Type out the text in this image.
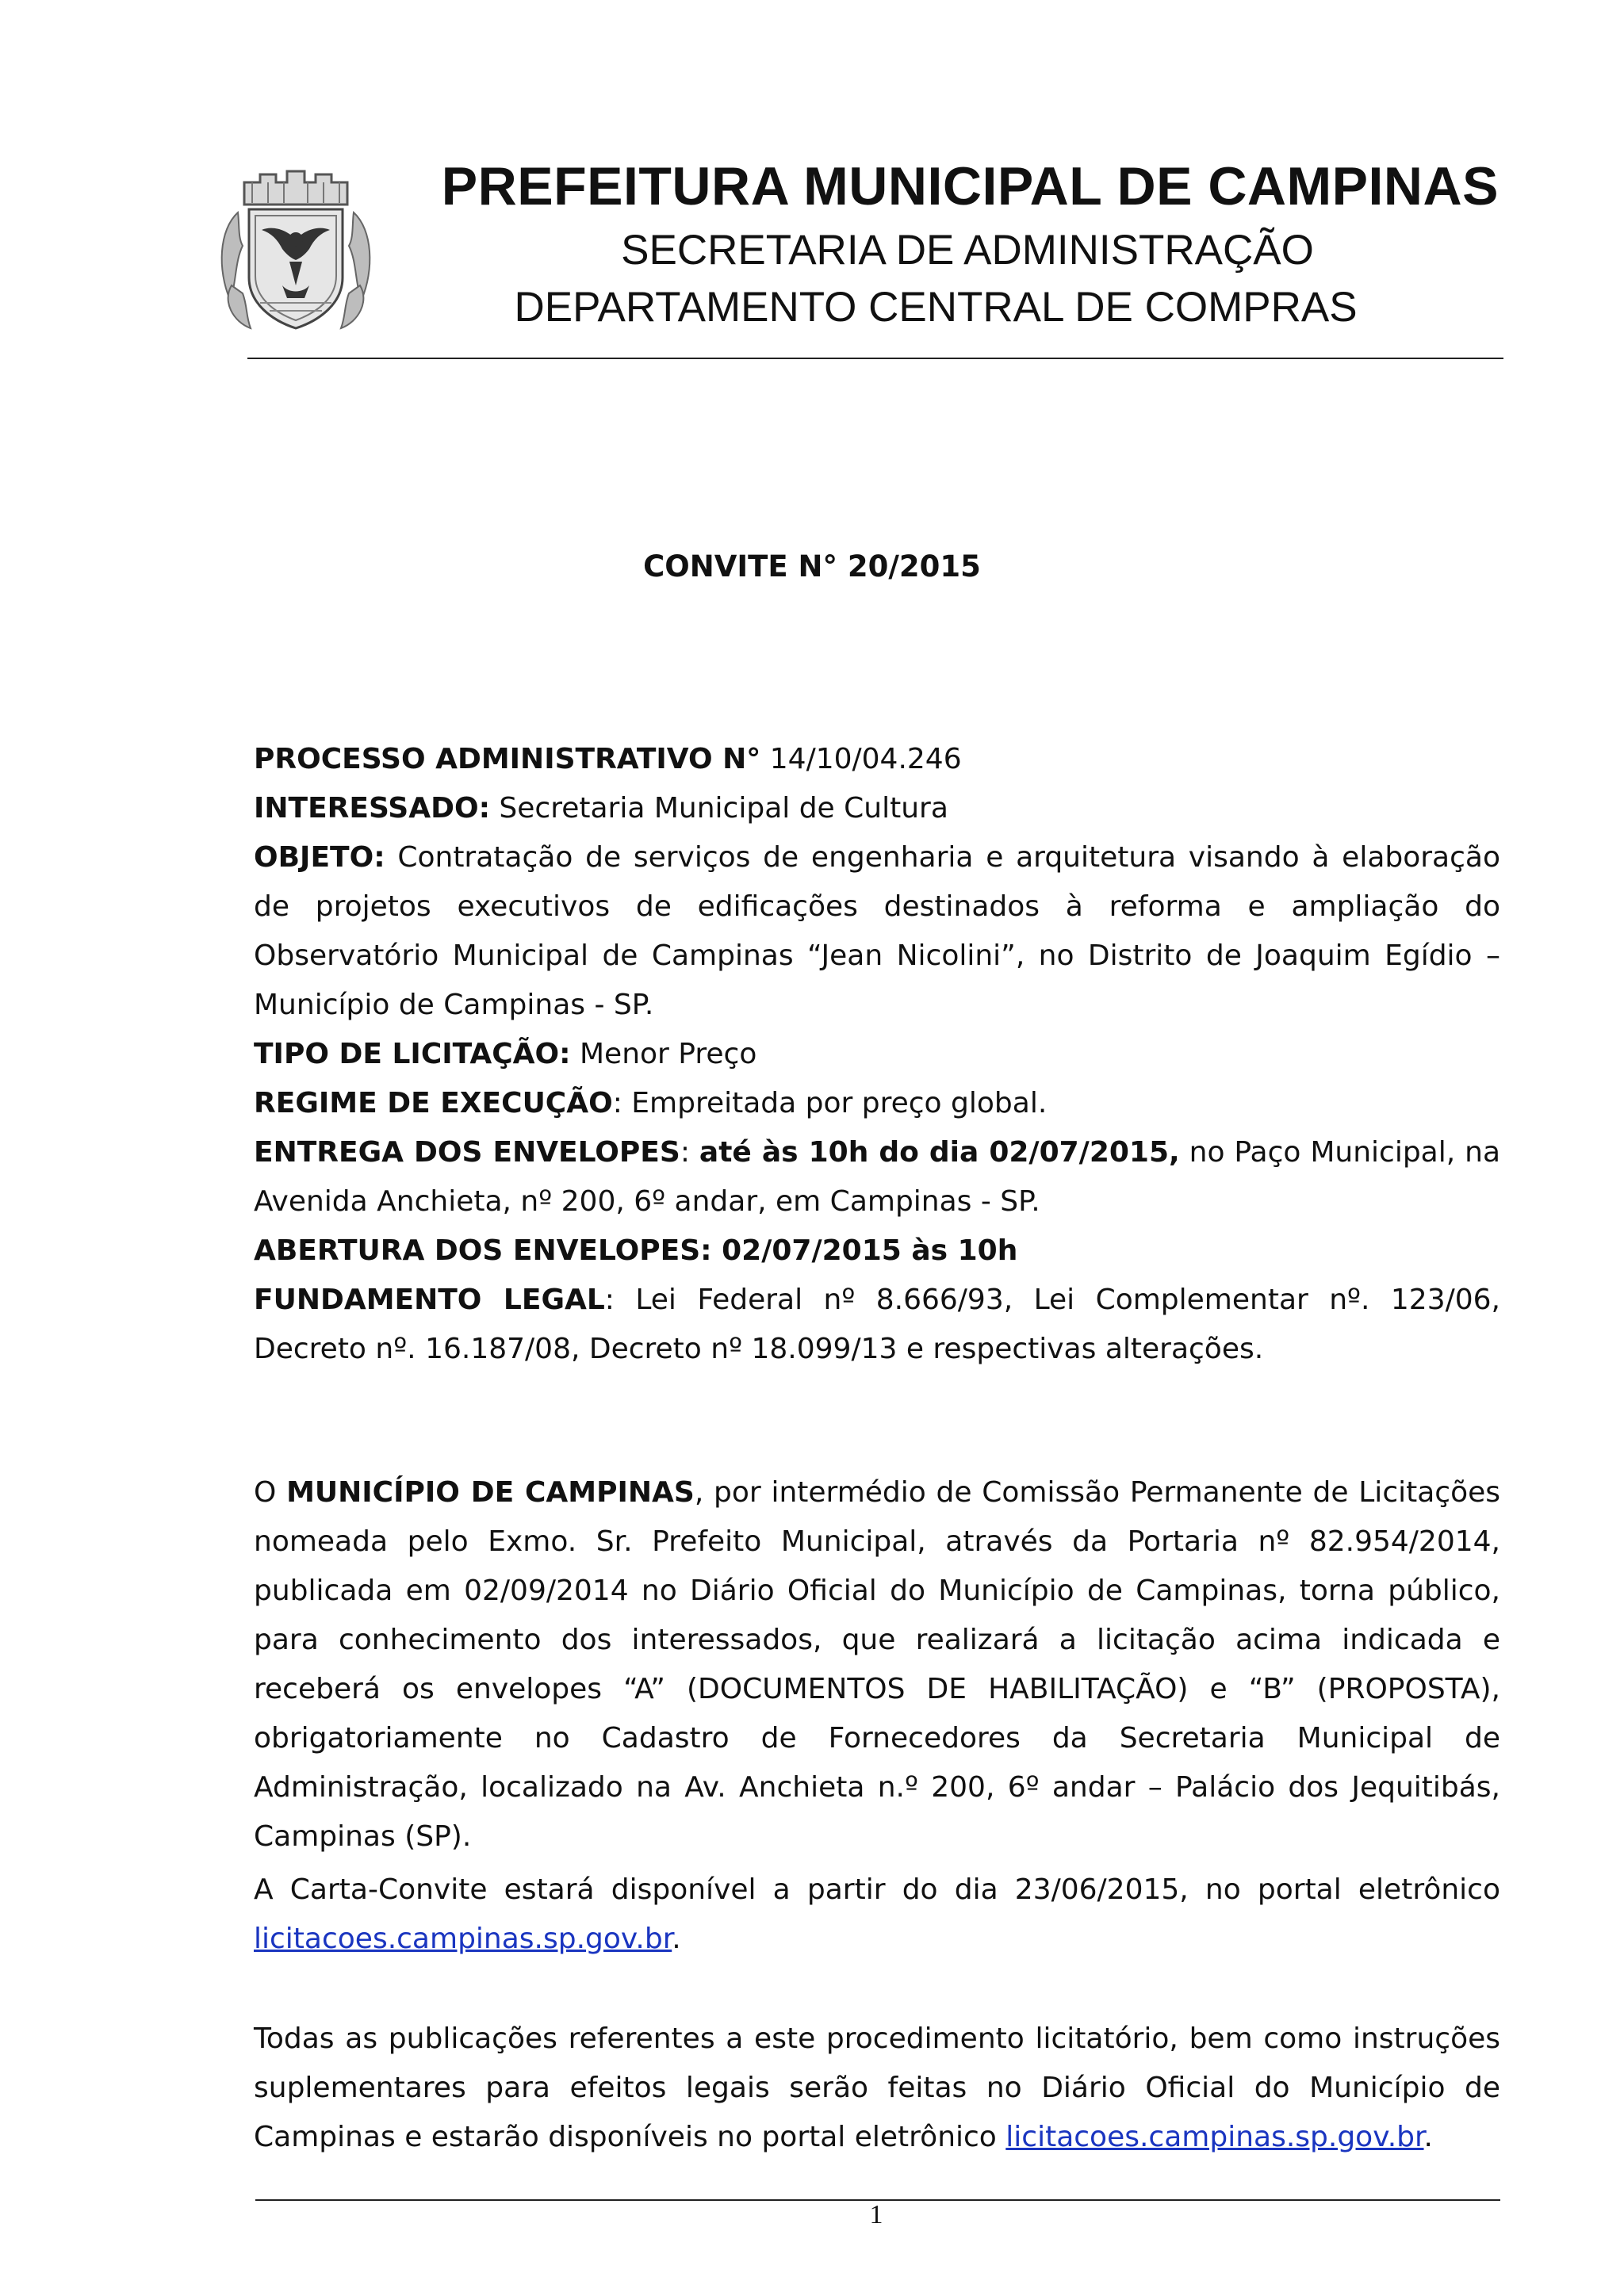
PREFEITURA MUNICIPAL DE CAMPINAS
SECRETARIA DE ADMINISTRAÇÃO
DEPARTAMENTO CENTRAL DE COMPRAS
CONVITE N° 20/2015

PROCESSO ADMINISTRATIVO N° 14/10/04.246

INTERESSADO: Secretaria Municipal de Cultura

OBJETO: Contratação de serviços de engenharia e arquitetura visando à elaboração de projetos executivos de edificações destinados à reforma e ampliação do Observatório Municipal de Campinas “Jean Nicolini”, no Distrito de Joaquim Egídio – Município de Campinas - SP.

TIPO DE LICITAÇÃO: Menor Preço

REGIME DE EXECUÇÃO: Empreitada por preço global.

ENTREGA DOS ENVELOPES: até às 10h do dia 02/07/2015, no Paço Municipal, na Avenida Anchieta, nº 200, 6º andar, em Campinas - SP.

ABERTURA DOS ENVELOPES: 02/07/2015 às 10h

FUNDAMENTO LEGAL: Lei Federal nº 8.666/93, Lei Complementar nº. 123/06, Decreto nº. 16.187/08, Decreto nº 18.099/13 e respectivas alterações.

O MUNICÍPIO DE CAMPINAS, por intermédio de Comissão Permanente de Licitações nomeada pelo Exmo. Sr. Prefeito Municipal, através da Portaria nº 82.954/2014, publicada em 02/09/2014 no Diário Oficial do Município de Campinas, torna público, para conhecimento dos interessados, que realizará a licitação acima indicada e receberá os envelopes “A” (DOCUMENTOS DE HABILITAÇÃO) e “B” (PROPOSTA), obrigatoriamente no Cadastro de Fornecedores da Secretaria Municipal de Administração, localizado na Av. Anchieta n.º 200, 6º andar – Palácio dos Jequitibás, Campinas (SP).

A Carta-Convite estará disponível a partir do dia 23/06/2015, no portal eletrônico licitacoes.campinas.sp.gov.br.

Todas as publicações referentes a este procedimento licitatório, bem como instruções suplementares para efeitos legais serão feitas no Diário Oficial do Município de Campinas e estarão disponíveis no portal eletrônico licitacoes.campinas.sp.gov.br.

1
